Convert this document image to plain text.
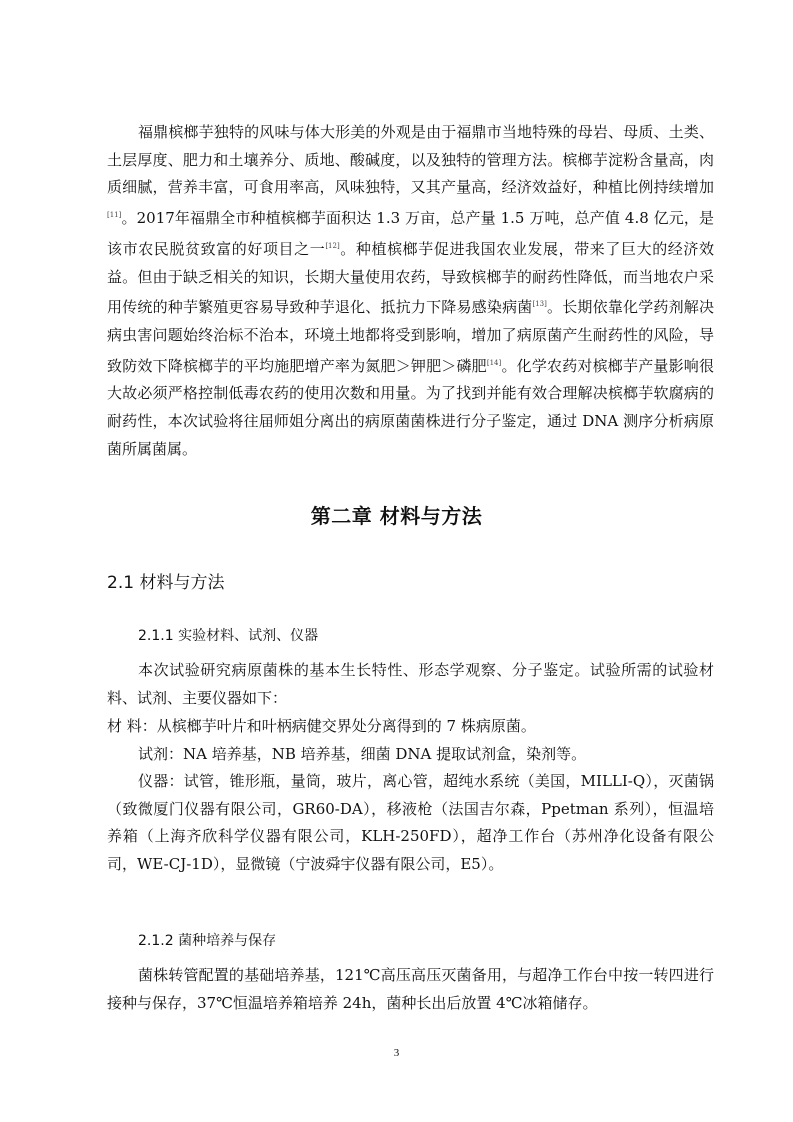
福鼎槟榔芋独特的风味与体大形美的外观是由于福鼎市当地特殊的母岩、母质、土类、土层厚度、肥力和土壤养分、质地、酸碱度，以及独特的管理方法。槟榔芋淀粉含量高，肉质细腻，营养丰富，可食用率高，风味独特，又其产量高，经济效益好，种植比例持续增加[11]。2017年福鼎全市种植槟榔芋面积达 1.3 万亩，总产量 1.5 万吨，总产值 4.8 亿元，是该市农民脱贫致富的好项目之一[12]。种植槟榔芋促进我国农业发展，带来了巨大的经济效益。但由于缺乏相关的知识，长期大量使用农药，导致槟榔芋的耐药性降低，而当地农户采用传统的种芋繁殖更容易导致种芋退化、抵抗力下降易感染病菌[13]。长期依靠化学药剂解决病虫害问题始终治标不治本，环境土地都将受到影响，增加了病原菌产生耐药性的风险，导致防效下降槟榔芋的平均施肥增产率为氮肥＞钾肥＞磷肥[14]。化学农药对槟榔芋产量影响很大故必须严格控制低毒农药的使用次数和用量。为了找到并能有效合理解决槟榔芋软腐病的耐药性，本次试验将往届师姐分离出的病原菌菌株进行分子鉴定，通过 DNA 测序分析病原菌所属菌属。

第二章 材料与方法
2.1 材料与方法
2.1.1 实验材料、试剂、仪器

本次试验研究病原菌株的基本生长特性、形态学观察、分子鉴定。试验所需的试验材料、试剂、主要仪器如下：

材 料：从槟榔芋叶片和叶柄病健交界处分离得到的 7 株病原菌。
试剂：NA 培养基，NB 培养基，细菌 DNA 提取试剂盒，染剂等。

仪器：试管，锥形瓶，量筒，玻片，离心管，超纯水系统（美国，MILLI-Q），灭菌锅（致微厦门仪器有限公司，GR60-DA），移液枪（法国吉尔森，Ppetman 系列），恒温培养箱（上海齐欣科学仪器有限公司，KLH-250FD），超净工作台（苏州净化设备有限公司，WE-CJ-1D），显微镜（宁波舜宇仪器有限公司，E5）。

2.1.2 菌种培养与保存

菌株转管配置的基础培养基，121℃高压高压灭菌备用，与超净工作台中按一转四进行接种与保存，37℃恒温培养箱培养 24h，菌种长出后放置 4℃冰箱储存。

3
